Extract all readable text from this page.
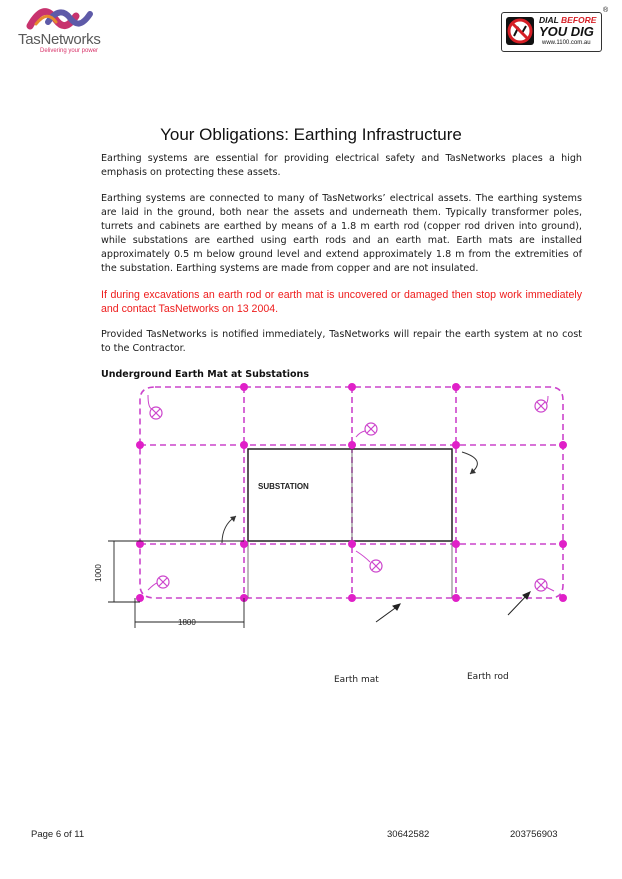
TasNetworks
Delivering your power
DIAL BEFORE
YOU DIG
www.1100.com.au
®
Your Obligations: Earthing Infrastructure
Earthing systems are essential for providing electrical safety and TasNetworks places a high emphasis on protecting these assets.
Earthing systems are connected to many of TasNetworks’ electrical assets. The earthing systems are laid in the ground, both near the assets and underneath them. Typically transformer poles, turrets and cabinets are earthed by means of a 1.8 m earth rod (copper rod driven into ground), while substations are earthed using earth rods and an earth mat. Earth mats are installed approximately 0.5 m below ground level and extend approximately 1.8 m from the extremities of the substation. Earthing systems are made from copper and are not insulated.
If during excavations an earth rod or earth mat is uncovered or damaged then stop work immediately and contact TasNetworks on 13 2004.
Provided TasNetworks is notified immediately, TasNetworks will repair the earth system at no cost to the Contractor.
Underground Earth Mat at Substations
SUBSTATION
1000
1800
Earth mat	Earth rod
Page 6 of 11	30642582	203756903
